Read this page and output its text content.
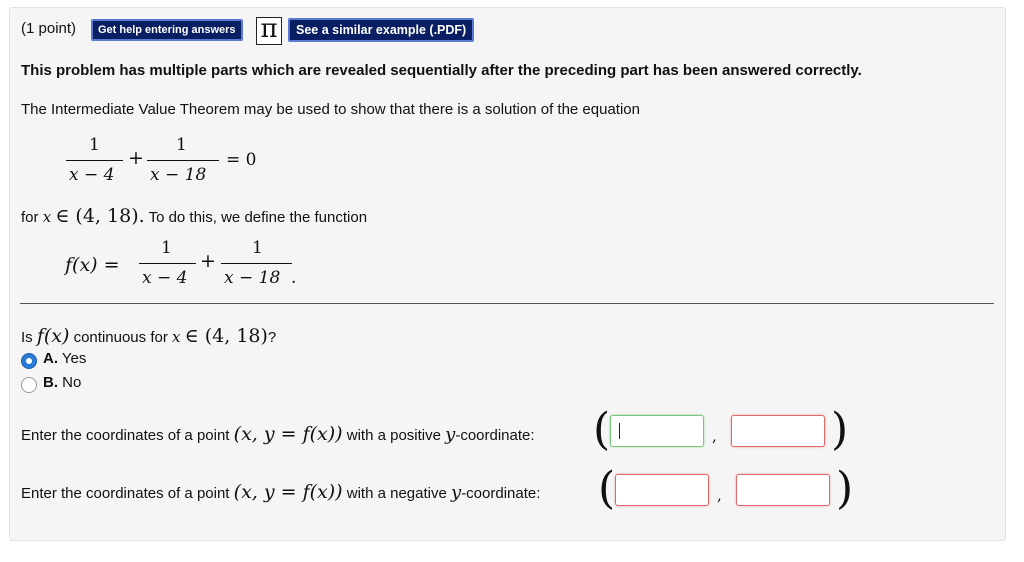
(1 point)	Get help entering answers π	See a similar example (.PDF)
This problem has multiple parts which are revealed sequentially after the preceding part has been answered correctly.
The Intermediate Value Theorem may be used to show that there is a solution of the equation
1
x − 4
+
1
x − 18
= 0
for x ∈ (4, 18). To do this, we define the function
f(x) =
1
x − 4
+
1
x − 18 .
Is f(x) continuous for x ∈ (4, 18)?
A. Yes
B. No
Enter the coordinates of a point (x, y = f(x)) with a positive y-coordinate: (	,	)
Enter the coordinates of a point (x, y = f(x)) with a negative y-coordinate: (	,	)
